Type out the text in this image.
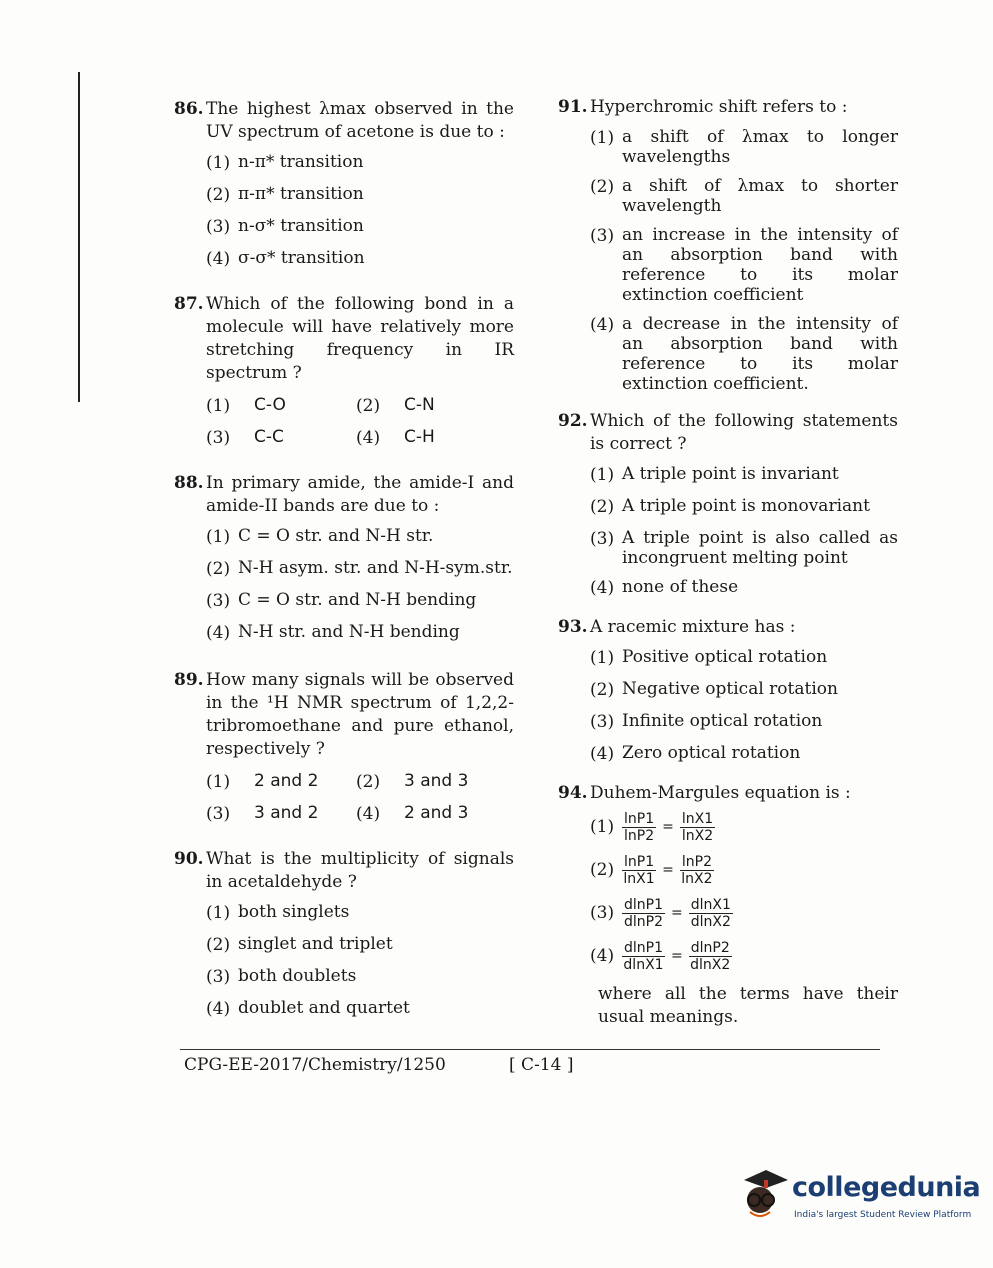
86. The highest λmax observed in the UV spectrum of acetone is due to :
(1) n-π* transition
(2) π-π* transition
(3) n-σ* transition
(4) σ-σ* transition
87. Which of the following bond in a molecule will have relatively more stretching frequency in IR spectrum ?
(1)	C-O	(2)	C-N
(3)	C-C	(4)	C-H
88. In primary amide, the amide-I and amide-II bands are due to :
(1) C = O str. and N-H str.
(2) N-H asym. str. and N-H-sym.str.
(3) C = O str. and N-H bending
(4) N-H str. and N-H bending
89. How many signals will be observed in the ¹H NMR spectrum of 1,2,2-tribromoethane and pure ethanol, respectively ?
(1)	2 and 2	(2)	3 and 3
(3)	3 and 2	(4)	2 and 3
90. What is the multiplicity of signals in acetaldehyde ?
(1) both singlets
(2) singlet and triplet
(3) both doublets
(4) doublet and quartet
91. Hyperchromic shift refers to :
(1) a shift of λmax to longer wavelengths
(2) a shift of λmax to shorter wavelength
(3) an increase in the intensity of an absorption band with reference to its molar extinction coefficient
(4) a decrease in the intensity of an absorption band with reference to its molar extinction coefficient.
92. Which of the following statements is correct ?
(1) A triple point is invariant
(2) A triple point is monovariant
(3) A triple point is also called as incongruent melting point
(4) none of these
93. A racemic mixture has :
(1) Positive optical rotation
(2) Negative optical rotation
(3) Infinite optical rotation
(4) Zero optical rotation
94. Duhem-Margules equation is :
$(1) \frac{\ln P1}{\ln P2} = \frac{\ln X1}{\ln X2}$
$(2) \frac{\ln P1}{\ln X1} = \frac{\ln P2}{\ln X2}$
$(3) \frac{dlnP1}{dlnP2} = \frac{dlnX1}{dlnX2}$
$(4) \frac{dlnP1}{dlnX1} = \frac{dlnP2}{dlnX2}$
where all the terms have their usual meanings.
CPG-EE-2017/Chemistry/1250	[ C-14 ]
collegedunia
India's largest Student Review Platform
